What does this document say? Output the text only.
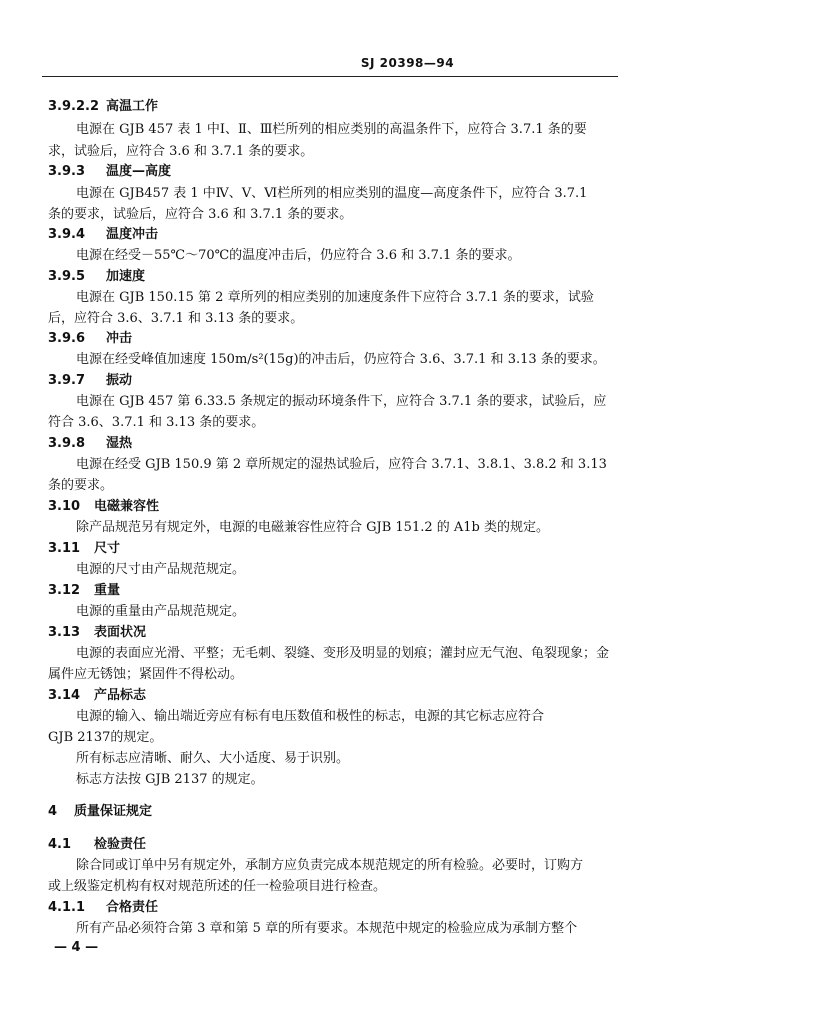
SJ 20398—94
3.9.2.2 高温工作
电源在 GJB 457 表 1 中Ⅰ、Ⅱ、Ⅲ栏所列的相应类别的高温条件下，应符合 3.7.1 条的要
求，试验后，应符合 3.6 和 3.7.1 条的要求。
3.9.3 温度—高度
电源在 GJB457 表 1 中Ⅳ、Ⅴ、Ⅵ栏所列的相应类别的温度—高度条件下，应符合 3.7.1
条的要求，试验后，应符合 3.6 和 3.7.1 条的要求。
3.9.4 温度冲击
电源在经受－55℃～70℃的温度冲击后，仍应符合 3.6 和 3.7.1 条的要求。
3.9.5 加速度
电源在 GJB 150.15 第 2 章所列的相应类别的加速度条件下应符合 3.7.1 条的要求，试验
后，应符合 3.6、3.7.1 和 3.13 条的要求。
3.9.6 冲击
电源在经受峰值加速度 150m/s²(15g)的冲击后，仍应符合 3.6、3.7.1 和 3.13 条的要求。
3.9.7 振动
电源在 GJB 457 第 6.33.5 条规定的振动环境条件下，应符合 3.7.1 条的要求，试验后，应
符合 3.6、3.7.1 和 3.13 条的要求。
3.9.8 湿热
电源在经受 GJB 150.9 第 2 章所规定的湿热试验后，应符合 3.7.1、3.8.1、3.8.2 和 3.13
条的要求。
3.10 电磁兼容性
除产品规范另有规定外，电源的电磁兼容性应符合 GJB 151.2 的 A1b 类的规定。
3.11 尺寸
电源的尺寸由产品规范规定。
3.12 重量
电源的重量由产品规范规定。
3.13 表面状况
电源的表面应光滑、平整；无毛刺、裂缝、变形及明显的划痕；灌封应无气泡、龟裂现象；金
属件应无锈蚀；紧固件不得松动。
3.14 产品标志
电源的输入、输出端近旁应有标有电压数值和极性的标志，电源的其它标志应符合
GJB 2137的规定。
所有标志应清晰、耐久、大小适度、易于识别。
标志方法按 GJB 2137 的规定。
4 质量保证规定
4.1 检验责任
除合同或订单中另有规定外，承制方应负责完成本规范规定的所有检验。必要时，订购方
或上级鉴定机构有权对规范所述的任一检验项目进行检查。
4.1.1 合格责任
所有产品必须符合第 3 章和第 5 章的所有要求。本规范中规定的检验应成为承制方整个
— 4 —
